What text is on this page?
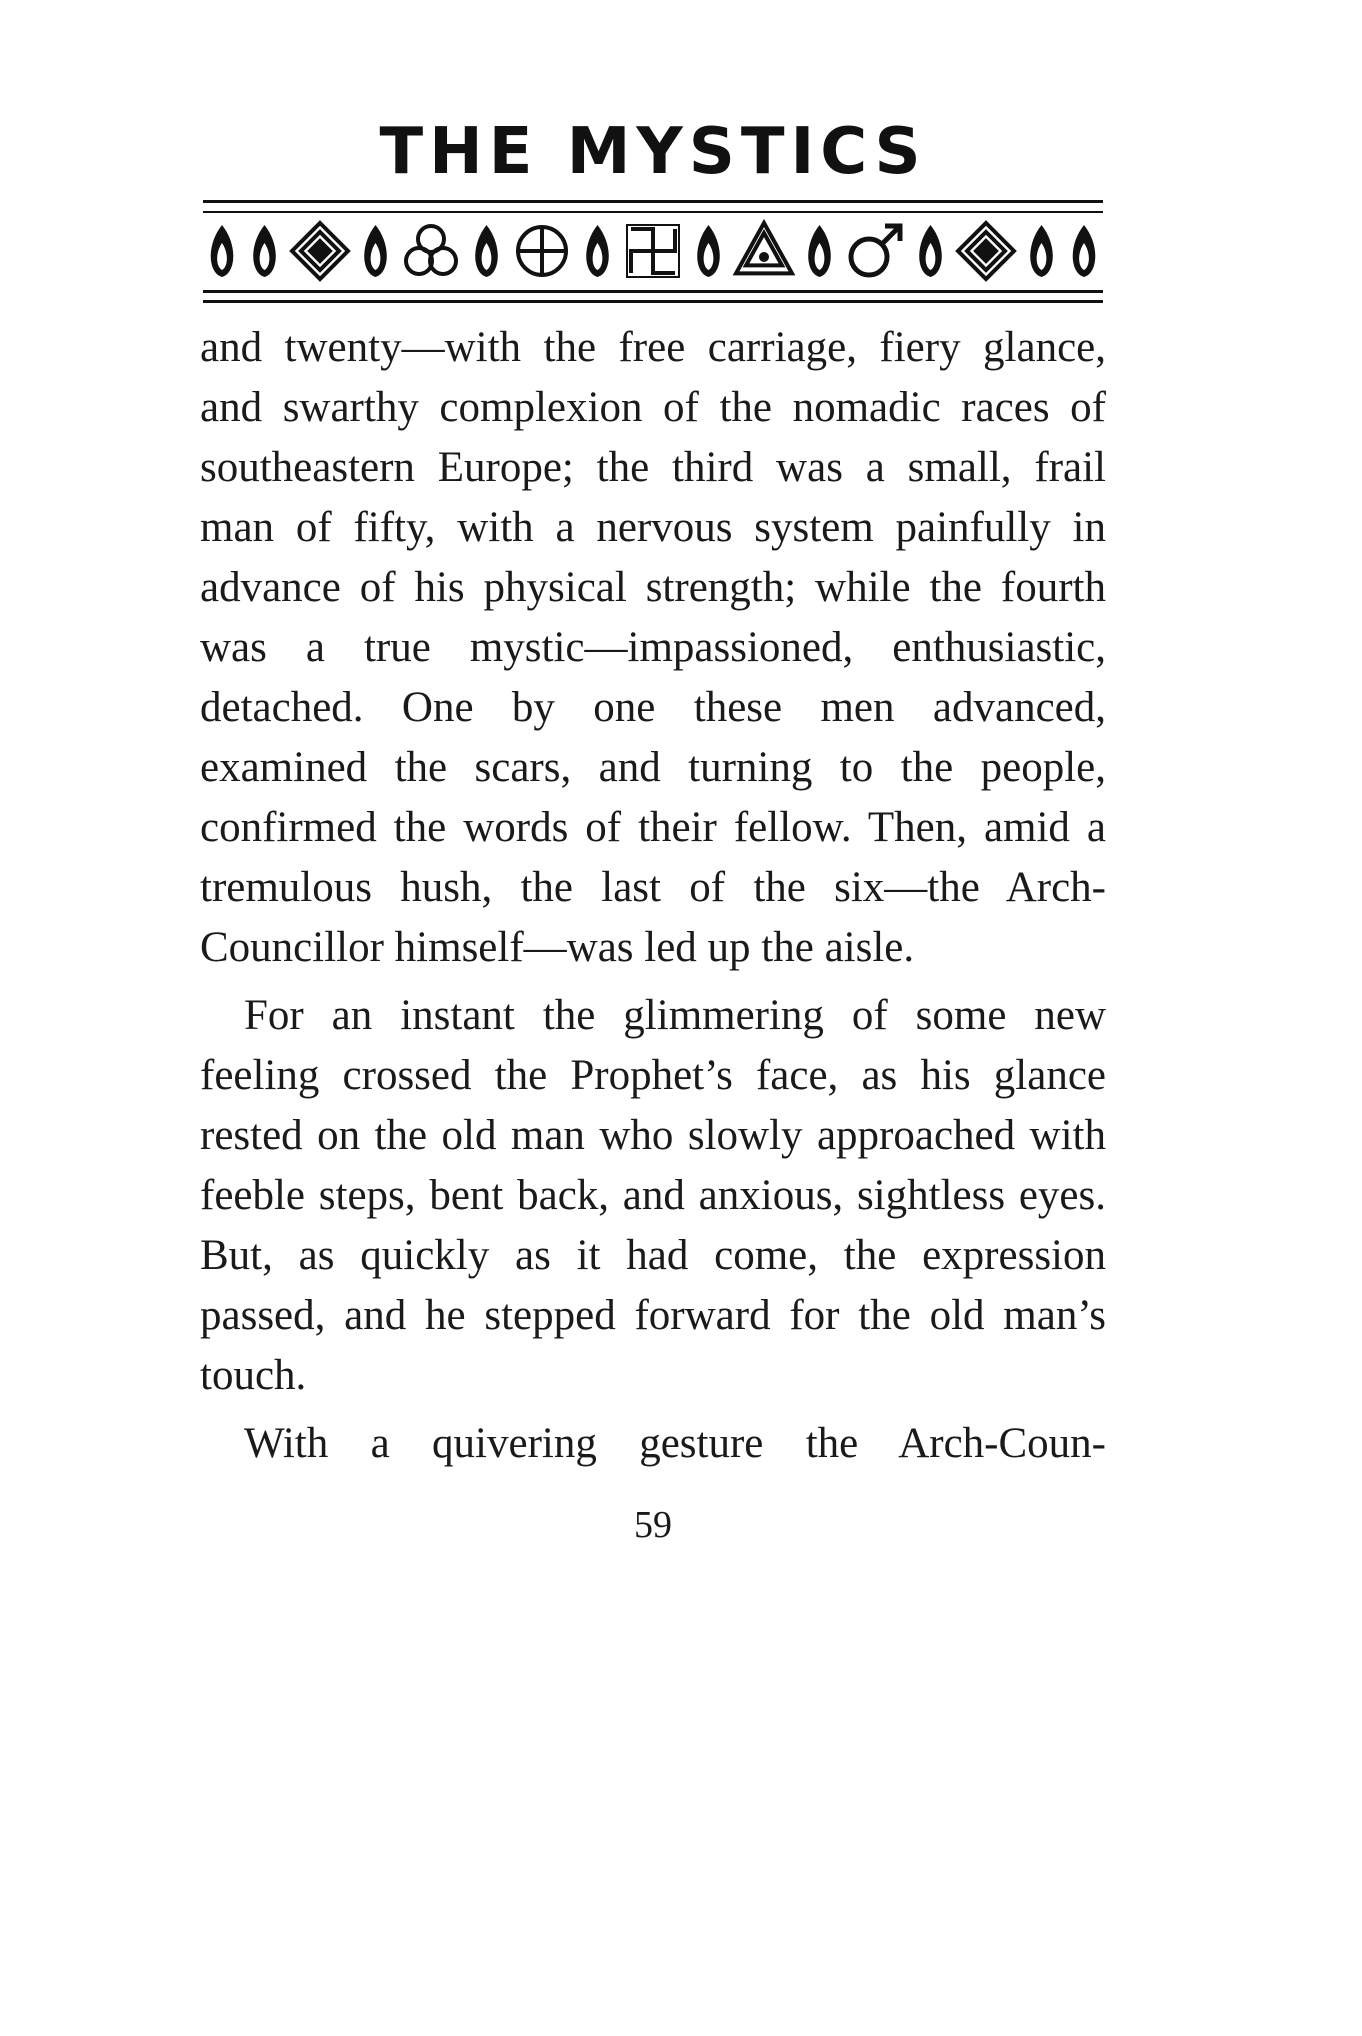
THE MYSTICS

and twenty—with the free carriage, fiery glance, and swarthy complexion of the nomadic races of southeastern Europe; the third was a small, frail man of fifty, with a nervous system painfully in advance of his physical strength; while the fourth was a true mystic—impassioned, enthusiastic, detached. One by one these men advanced, examined the scars, and turning to the people, confirmed the words of their fellow. Then, amid a tremulous hush, the last of the six—the Arch-Councillor himself—was led up the aisle.

For an instant the glimmering of some new feeling crossed the Prophet’s face, as his glance rested on the old man who slowly approached with feeble steps, bent back, and anxious, sightless eyes. But, as quickly as it had come, the expression passed, and he stepped forward for the old man’s touch.

With a quivering gesture the Arch-Coun-

59
